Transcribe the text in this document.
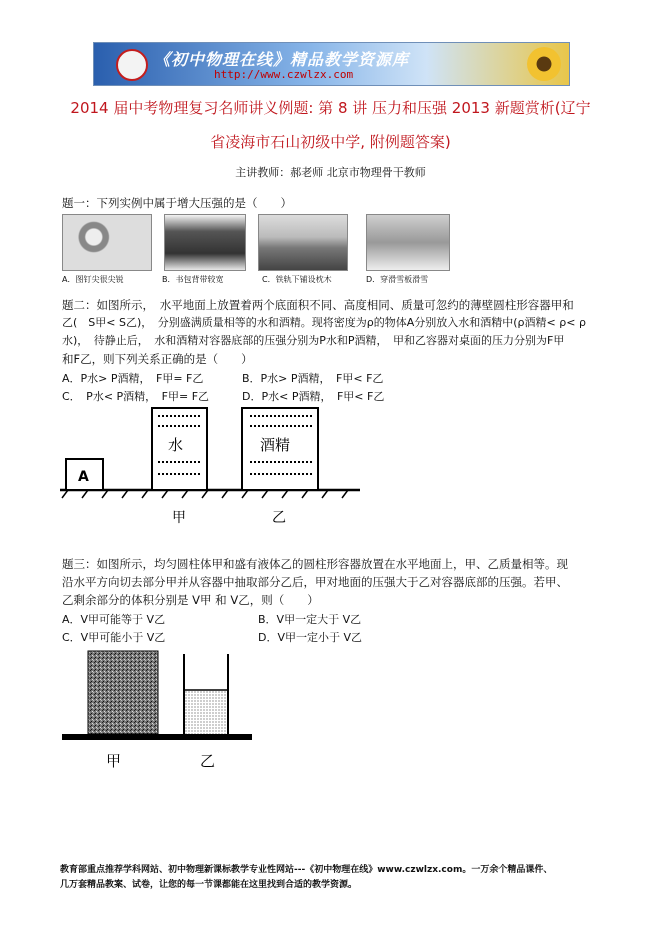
《初中物理在线》精品教学资源库
http://www.czwlzx.com
2014 届中考物理复习名师讲义例题: 第 8 讲 压力和压强 2013 新题赏析(辽宁
省凌海市石山初级中学, 附例题答案)
主讲教师：郝老师 北京市物理骨干教师
题一：下列实例中属于增大压强的是（　　）
A．图钉尖很尖锐	B．书包背带较宽	C．铁轨下铺设枕木	D．穿滑雪板滑雪
题二：如图所示，　水平地面上放置着两个底面积不同、高度相同、质量可忽约的薄壁圆柱形容器甲和
乙(　S甲< S乙)，　分别盛满质量相等的水和酒精。现将密度为ρ的物体A分别放入水和酒精中(ρ酒精< ρ< ρ
水)，　待静止后，　水和酒精对容器底部的压强分别为P水和P酒精，　甲和乙容器对桌面的压力分别为F甲
和F乙，则下列关系正确的是（　　）
A．P水> P酒精，　F甲= F乙	B．P水> P酒精，　F甲< F乙
C．　P水< P酒精，　F甲= F乙	D．P水< P酒精，　F甲< F乙
A
水	酒精
甲	乙
题三：如图所示，均匀圆柱体甲和盛有液体乙的圆柱形容器放置在水平地面上，甲、乙质量相等。现
沿水平方向切去部分甲并从容器中抽取部分乙后，甲对地面的压强大于乙对容器底部的压强。若甲、
乙剩余部分的体积分别是 V甲 和 V乙，则（　　）
A．V甲可能等于 V乙	B．V甲一定大于 V乙
C．V甲可能小于 V乙	D．V甲一定小于 V乙
甲	乙
教育部重点推荐学科网站、初中物理新课标教学专业性网站---《初中物理在线》www.czwlzx.com。一万余个精品课件、
几万套精品教案、试卷，让您的每一节课都能在这里找到合适的教学资源。
